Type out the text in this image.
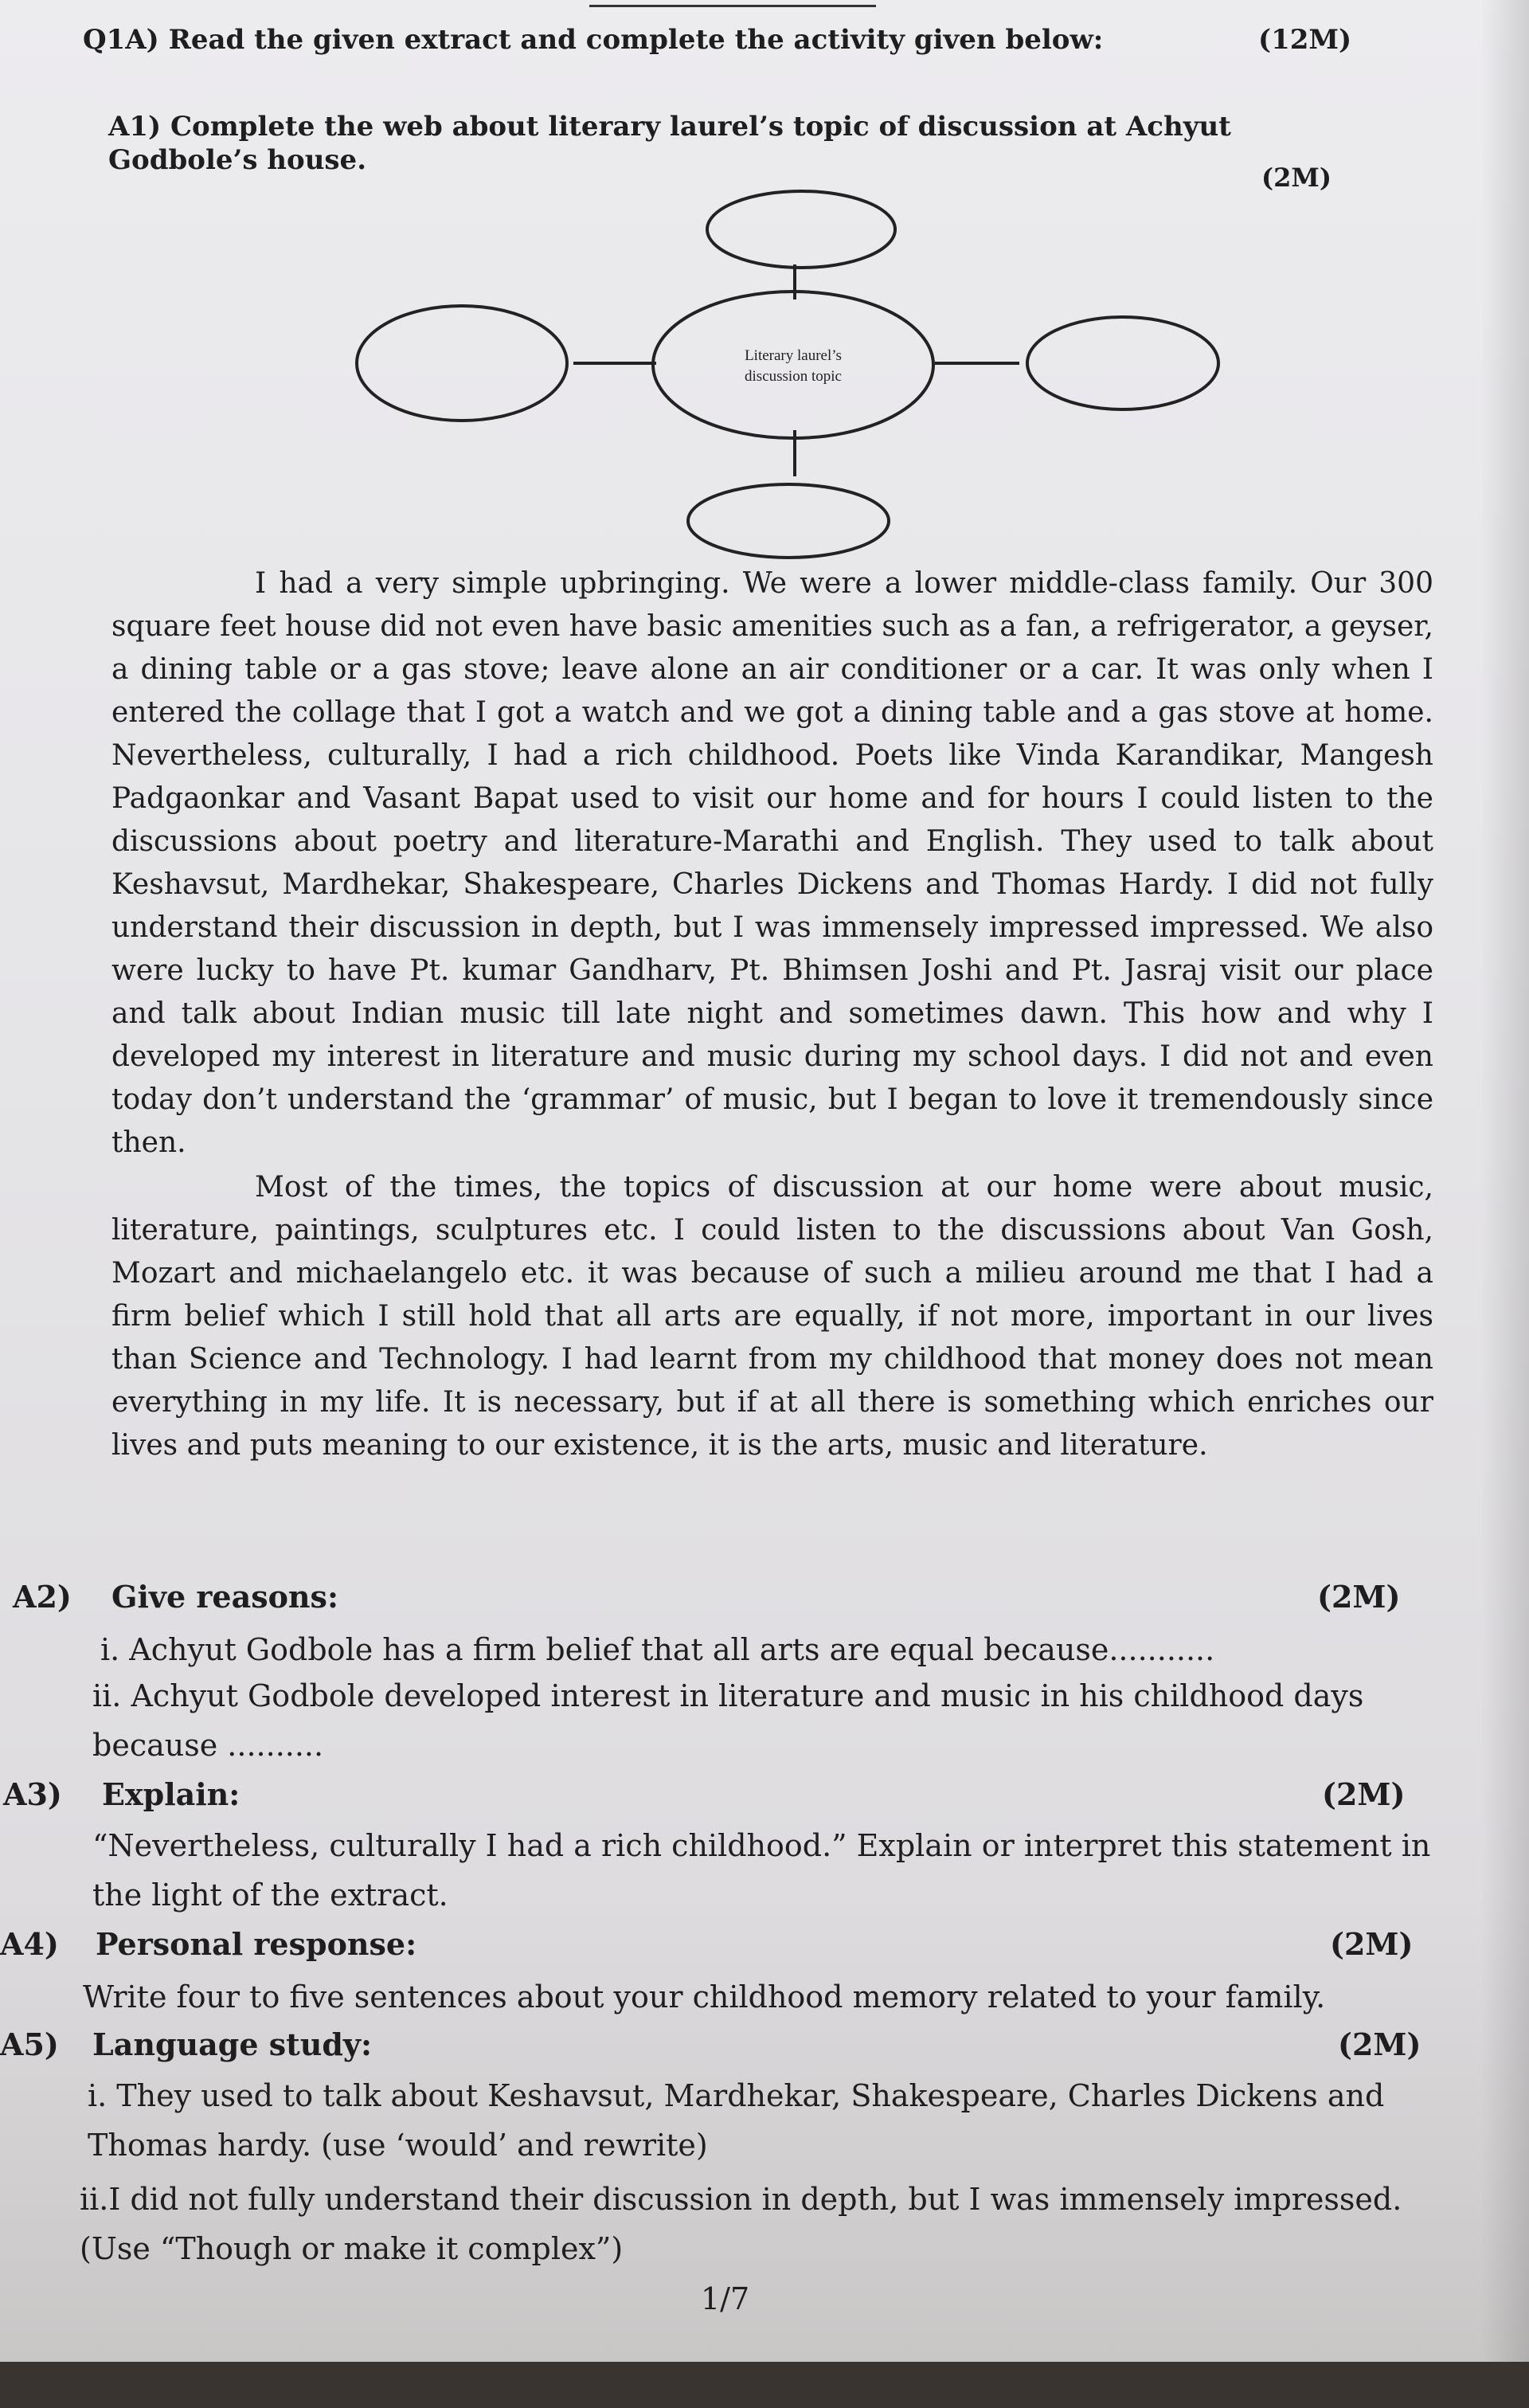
Q1A) Read the given extract and complete the activity given below:	(12M)
A1) Complete the web about literary laurel’s topic of discussion at Achyut Godbole’s house.
(2M)
Literary laurel’s
discussion topic

I had a very simple upbringing. We were a lower middle-class family. Our 300 square feet house did not even have basic amenities such as a fan, a refrigerator, a geyser, a dining table or a gas stove; leave alone an air conditioner or a car. It was only when I entered the collage that I got a watch and we got a dining table and a gas stove at home. Nevertheless, culturally, I had a rich childhood. Poets like Vinda Karandikar, Mangesh Padgaonkar and Vasant Bapat used to visit our home and for hours I could listen to the discussions about poetry and literature-Marathi and English. They used to talk about Keshavsut, Mardhekar, Shakespeare, Charles Dickens and Thomas Hardy. I did not fully understand their discussion in depth, but I was immensely impressed impressed. We also were lucky to have Pt. kumar Gandharv, Pt. Bhimsen Joshi and Pt. Jasraj visit our place and talk about Indian music till late night and sometimes dawn. This how and why I developed my interest in literature and music during my school days. I did not and even today don’t understand the ‘grammar’ of music, but I began to love it tremendously since then.

Most of the times, the topics of discussion at our home were about music, literature, paintings, sculptures etc. I could listen to the discussions about Van Gosh, Mozart and michaelangelo etc. it was because of such a milieu around me that I had a firm belief which I still hold that all arts are equally, if not more, important in our lives than Science and Technology. I had learnt from my childhood that money does not mean everything in my life. It is necessary, but if at all there is something which enriches our lives and puts meaning to our existence, it is the arts, music and literature.

A2) Give reasons:	(2M)
i. Achyut Godbole has a firm belief that all arts are equal because...........
ii. Achyut Godbole developed interest in literature and music in his childhood days because ..........
A3) Explain:	(2M)
“Nevertheless, culturally I had a rich childhood.” Explain or interpret this statement in the light of the extract.
A4) Personal response:	(2M)
Write four to five sentences about your childhood memory related to your family.
A5) Language study:	(2M)
i. They used to talk about Keshavsut, Mardhekar, Shakespeare, Charles Dickens and Thomas hardy. (use ‘would’ and rewrite)
ii.I did not fully understand their discussion in depth, but I was immensely impressed. (Use “Though or make it complex”)
1/7
